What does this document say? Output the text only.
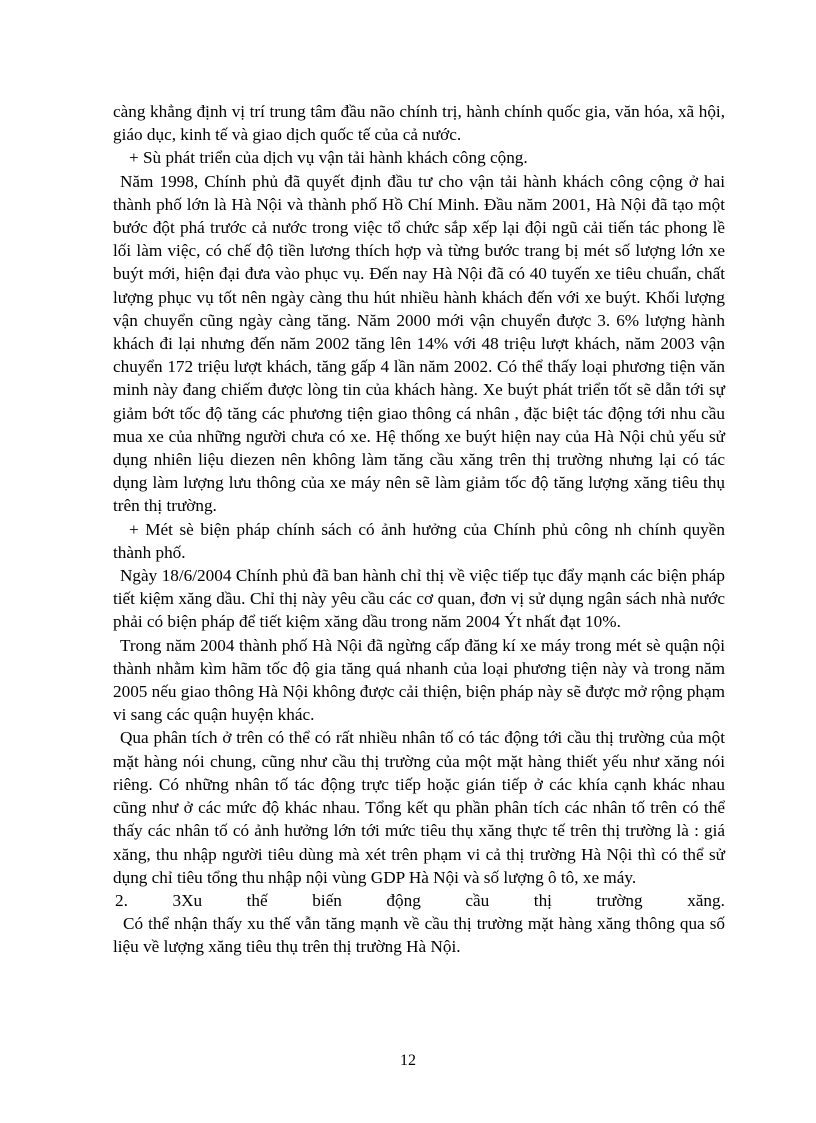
càng khẳng định vị trí trung tâm đầu não chính trị, hành chính quốc gia, văn hóa, xã hội, giáo dục, kinh tế và giao dịch quốc tế của cả nước.

+ Sù phát triển của dịch vụ vận tải hành khách công cộng.

Năm 1998, Chính phủ đã quyết định đầu tư cho vận tải hành khách công cộng ở hai thành phố lớn là Hà Nội và thành phố Hồ Chí Minh. Đầu năm 2001, Hà Nội đã tạo một bước đột phá trước cả nước trong việc tổ chức sắp xếp lại đội ngũ cải tiến tác phong lề lối làm việc, có chế độ tiền lương thích hợp và từng bước trang bị mét số lượng lớn xe buýt mới, hiện đại đưa vào phục vụ. Đến nay Hà Nội đã có 40 tuyến xe tiêu chuẩn, chất lượng phục vụ tốt nên ngày càng thu hút nhiều hành khách đến với xe buýt. Khối lượng vận chuyển cũng ngày càng tăng. Năm 2000 mới vận chuyển được 3. 6% lượng hành khách đi lại nhưng đến năm 2002 tăng lên 14% với 48 triệu lượt khách, năm 2003 vận chuyển 172 triệu lượt khách, tăng gấp 4 lần năm 2002. Có thể thấy loại phương tiện văn minh này đang chiếm được lòng tin của khách hàng. Xe buýt phát triển tốt sẽ dẫn tới sự giảm bớt tốc độ tăng các phương tiện giao thông cá nhân , đặc biệt tác động tới nhu cầu mua xe của những người chưa có xe. Hệ thống xe buýt hiện nay của Hà Nội chủ yếu sử dụng nhiên liệu diezen nên không làm tăng cầu xăng trên thị trường nhưng lại có tác dụng làm lượng lưu thông của xe máy nên sẽ làm giảm tốc độ tăng lượng xăng tiêu thụ trên thị trường.

+ Mét sè biện pháp chính sách có ảnh hưởng của Chính phủ công nh chính quyền thành phố.

Ngày 18/6/2004 Chính phủ đã ban hành chỉ thị về việc tiếp tục đẩy mạnh các biện pháp tiết kiệm xăng dầu. Chỉ thị này yêu cầu các cơ quan, đơn vị sử dụng ngân sách nhà nước phải có biện pháp để tiết kiệm xăng dầu trong năm 2004 Ýt nhất đạt 10%.

Trong năm 2004 thành phố Hà Nội đã ngừng cấp đăng kí xe máy trong mét sè quận nội thành nhằm kìm hãm tốc độ gia tăng quá nhanh của loại phương tiện này và trong năm 2005 nếu giao thông Hà Nội không được cải thiện, biện pháp này sẽ được mở rộng phạm vi sang các quận huyện khác.

Qua phân tích ở trên có thể có rất nhiều nhân tố có tác động tới cầu thị trường của một mặt hàng nói chung, cũng như cầu thị trường của một mặt hàng thiết yếu như xăng nói riêng. Có những nhân tố tác động trực tiếp hoặc gián tiếp ở các khía cạnh khác nhau cũng như ở các mức độ khác nhau. Tổng kết qu phần phân tích các nhân tố trên có thể thấy các nhân tố có ảnh hưởng lớn tới mức tiêu thụ xăng thực tế trên thị trường là : giá xăng, thu nhập người tiêu dùng mà xét trên phạm vi cả thị trường Hà Nội thì có thể sử dụng chỉ tiêu tổng thu nhập nội vùng GDP Hà Nội và số lượng ô tô, xe máy.

2.	3Xu	thế	biến	động	cầu	thị	trường	xăng.

Có thể nhận thấy xu thế vẫn tăng mạnh về cầu thị trường mặt hàng xăng thông qua số liệu về lượng xăng tiêu thụ trên thị trường Hà Nội.

12
